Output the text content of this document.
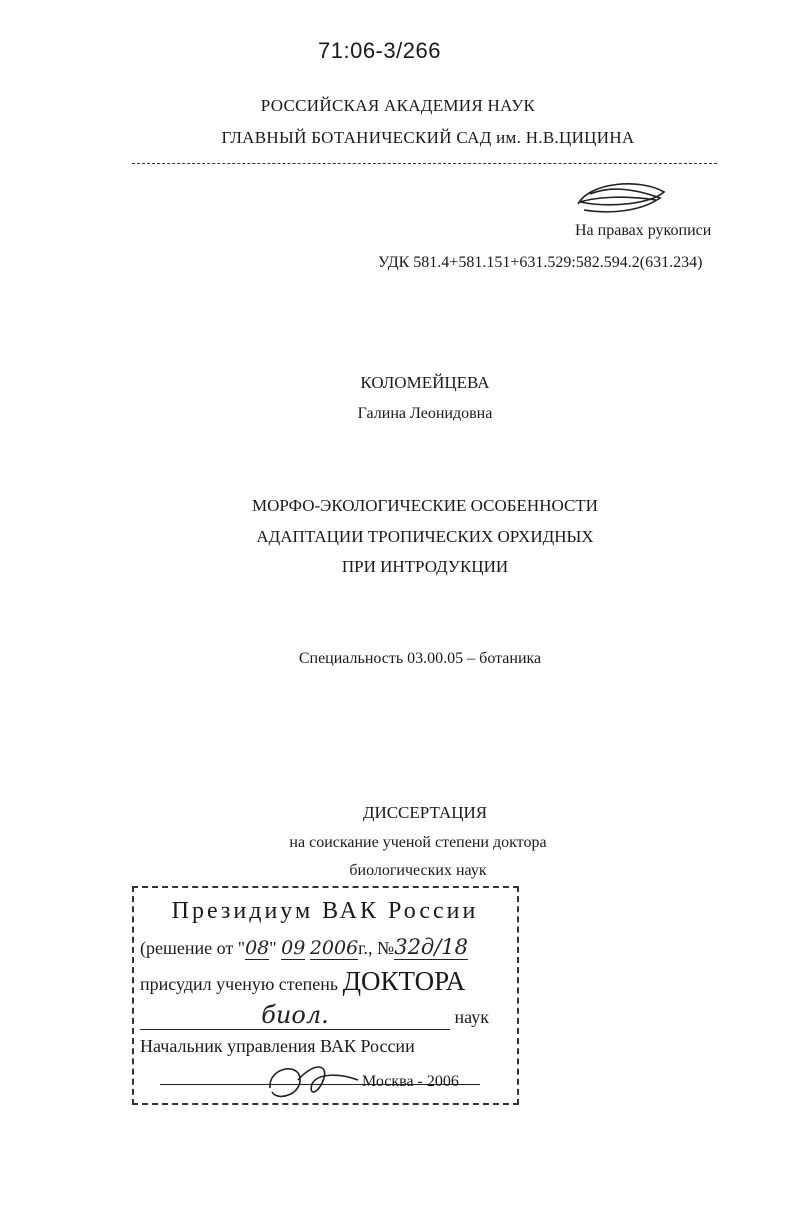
71:06-3/266
РОССИЙСКАЯ АКАДЕМИЯ НАУК
ГЛАВНЫЙ БОТАНИЧЕСКИЙ САД им. Н.В.ЦИЦИНА
На правах рукописи
УДК 581.4+581.151+631.529:582.594.2(631.234)
КОЛОМЕЙЦЕВА
Галина Леонидовна
МОРФО-ЭКОЛОГИЧЕСКИЕ ОСОБЕННОСТИ
АДАПТАЦИИ ТРОПИЧЕСКИХ ОРХИДНЫХ
ПРИ ИНТРОДУКЦИИ
Специальность 03.00.05 – ботаника
ДИССЕРТАЦИЯ
на соискание ученой степени доктора
биологических наук
Президиум ВАК России
(решение от "08" 09 2006г., №32д/18
присудил ученую степень ДОКТОРА
биол.	наук
Начальник управления ВАК России
Москва - 2006
